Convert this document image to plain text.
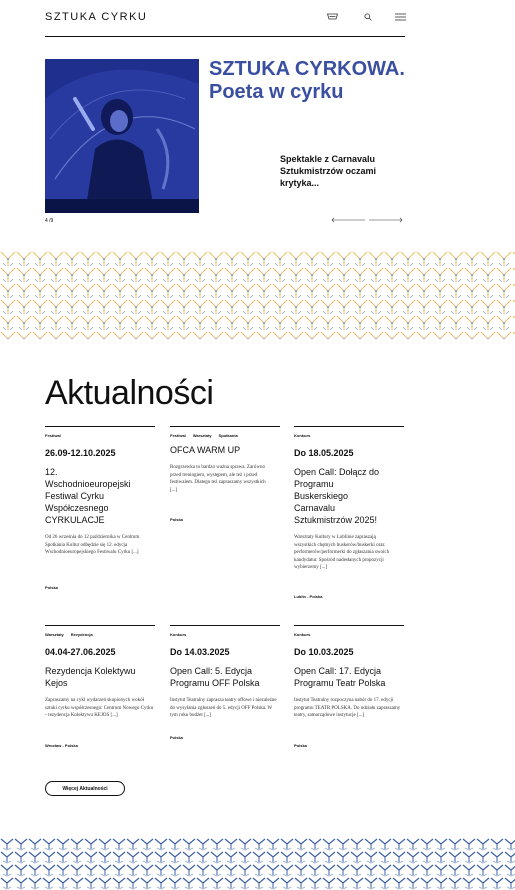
SZTUKA CYRKU
SZTUKA CYRKOWA. Poeta w cyrku
Spektakle z Carnavalu Sztukmistrzów oczami krytyka...
4 /9
Aktualności
Festiwal
26.09-12.10.2025
12. Wschodnioeuropejski Festiwal Cyrku Współczesnego CYRKULACJE
Od 26 września do 12 października w Centrum Spotkania Kultur odbędzie się 12. edycja Wschodnioeuropejskiego Festiwalu Cyrku [...]
Polska
Festiwal Warsztaty Spotkania
OFCA WARM UP
Rozgrzewka to bardzo ważna sprawa. Zarówno przed treningiem, występem, ale też i przed festiwalem. Dlatego też zapraszamy wszystkich [...]
Polska
Konkurs
Do 18.05.2025
Open Call: Dołącz do Programu Buskerskiego Carnavalu Sztukmistrzów 2025!
Warsztaty Kultury w Lublinie zapraszają wszystkich chętnych buskerów/buskerki oraz performerów/performerki do zgłaszania swoich kandydatur. Spośród nadesłanych propozycji wybierzemy [...]
Lublin - Polska
Warsztaty Rezydencja
04.04-27.06.2025
Rezydencja Kolektywu Kejos
Zapraszamy na cykl wydarzeń skupionych wokół sztuki cyrku współczesnego: Centrum Nowego Cyrku - rezydencja Kolektywu KEJOS [...]
Wrocław - Polska
Konkurs
Do 14.03.2025
Open Call: 5. Edycja Programu OFF Polska
Instytut Teatralny zaprasza teatry offowe i niezależne do wysyłania zgłoszeń do 5. edycji OFF Polska. W tym roku budżet [...]
Polska
Konkurs
Do 10.03.2025
Open Call: 17. Edycja Programu Teatr Polska
Instytut Teatralny rozpoczyna nabór do 17. edycji programu TEATR POLSKA. Do udziału zapraszamy teatry, samorządowe instytucje [...]
Polska
Więcej Aktualności
